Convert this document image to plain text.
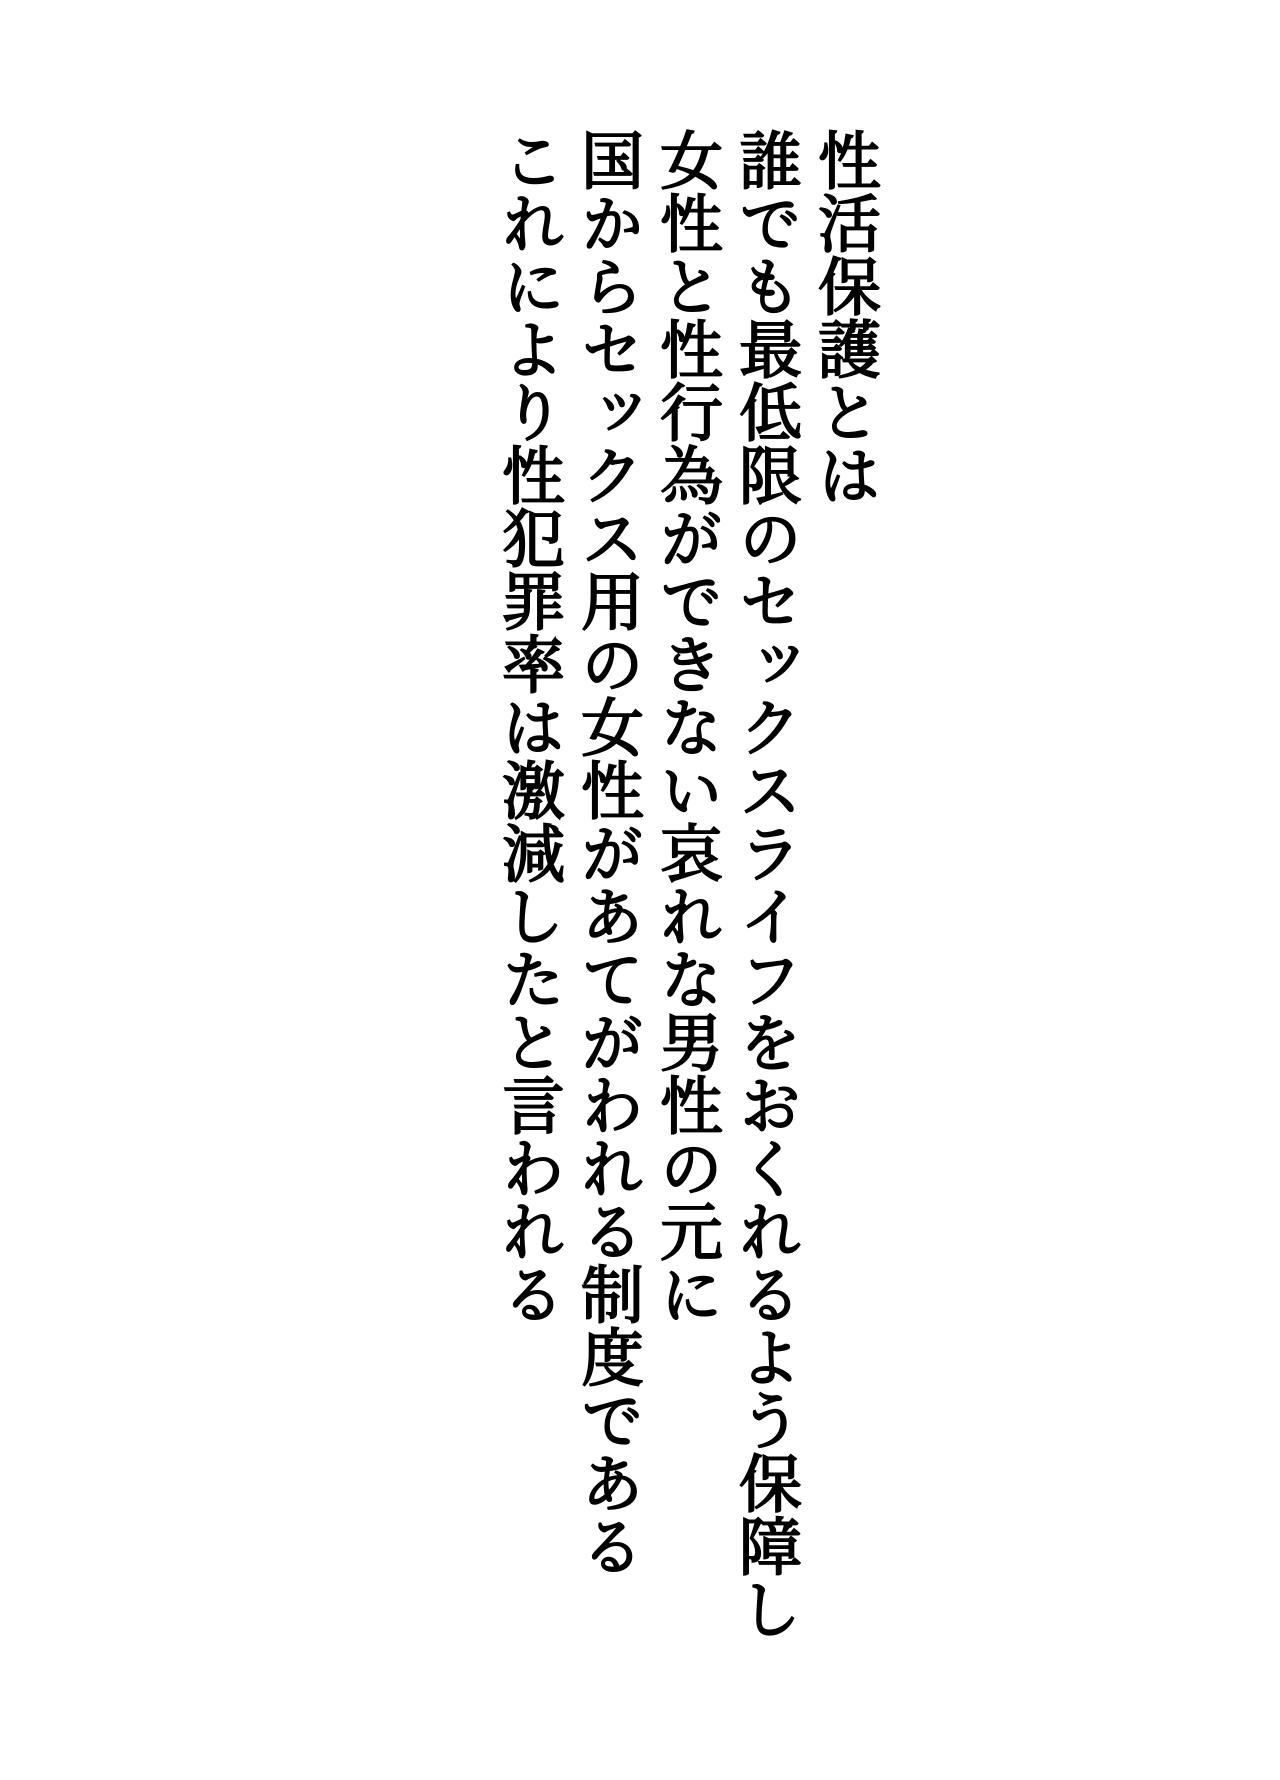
性活保護とは

誰でも最低限のセックスライフをおくれるよう保障し

女性と性行為ができない哀れな男性の元に

国からセックス用の女性があてがわれる制度である

これにより性犯罪率は激減したと言われる
